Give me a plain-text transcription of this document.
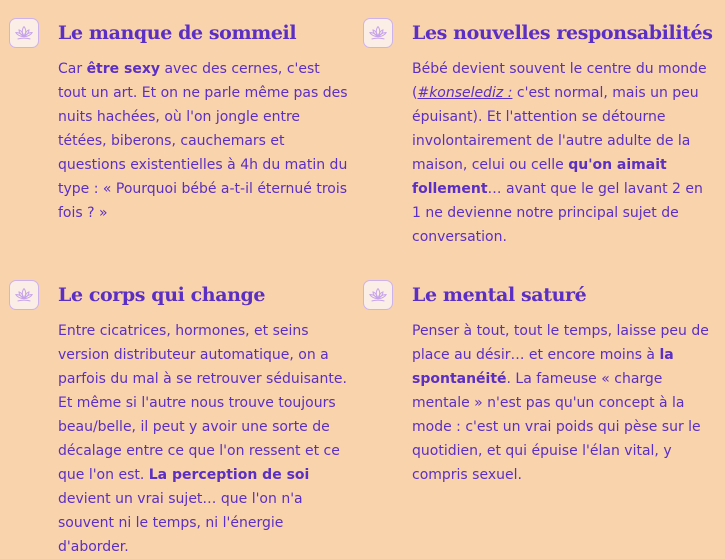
Le manque de sommeil

Car être sexy avec des cernes, c'est tout un art. Et on ne parle même pas des nuits hachées, où l'on jongle entre tétées, biberons, cauchemars et questions existentielles à 4h du matin du type : « Pourquoi bébé a-t-il éternué trois fois ? »

Les nouvelles responsabilités

Bébé devient souvent le centre du monde (#konselediz : c'est normal, mais un peu épuisant). Et l'attention se détourne involontairement de l'autre adulte de la maison, celui ou celle qu'on aimait follement… avant que le gel lavant 2 en 1 ne devienne notre principal sujet de conversation.

Le corps qui change

Entre cicatrices, hormones, et seins version distributeur automatique, on a parfois du mal à se retrouver séduisante. Et même si l'autre nous trouve toujours beau/belle, il peut y avoir une sorte de décalage entre ce que l'on ressent et ce que l'on est. La perception de soi devient un vrai sujet… que l'on n'a souvent ni le temps, ni l'énergie d'aborder.

Le mental saturé

Penser à tout, tout le temps, laisse peu de place au désir… et encore moins à la spontanéité. La fameuse « charge mentale » n'est pas qu'un concept à la mode : c'est un vrai poids qui pèse sur le quotidien, et qui épuise l'élan vital, y compris sexuel.
